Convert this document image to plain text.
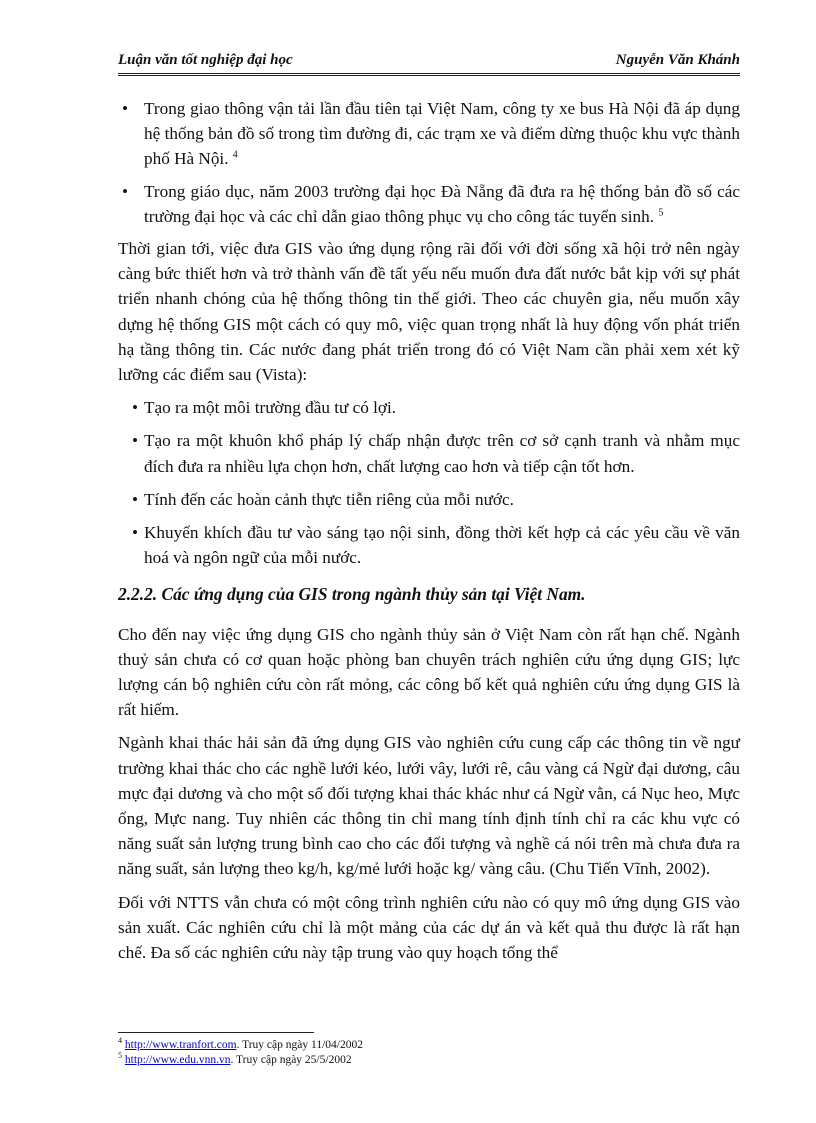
Luận văn tốt nghiệp đại học	Nguyễn Văn Khánh
• Trong giao thông vận tải lần đầu tiên tại Việt Nam, công ty xe bus Hà Nội đã áp dụng hệ thống bản đồ số trong tìm đường đi, các trạm xe và điểm dừng thuộc khu vực thành phố Hà Nội. $^4$
• Trong giáo dục, năm 2003 trường đại học Đà Nẵng đã đưa ra hệ thống bản đồ số các trường đại học và các chỉ dẫn giao thông phục vụ cho công tác tuyển sinh. $^5$

Thời gian tới, việc đưa GIS vào ứng dụng rộng rãi đối với đời sống xã hội trở nên ngày càng bức thiết hơn và trở thành vấn đề tất yếu nếu muốn đưa đất nước bắt kịp với sự phát triển nhanh chóng của hệ thống thông tin thế giới. Theo các chuyên gia, nếu muốn xây dựng hệ thống GIS một cách có quy mô, việc quan trọng nhất là huy động vốn phát triển hạ tầng thông tin. Các nước đang phát triển trong đó có Việt Nam cần phải xem xét kỹ lưỡng các điểm sau (Vista):

• Tạo ra một môi trường đầu tư có lợi.
• Tạo ra một khuôn khổ pháp lý chấp nhận được trên cơ sở cạnh tranh và nhằm mục đích đưa ra nhiều lựa chọn hơn, chất lượng cao hơn và tiếp cận tốt hơn.
• Tính đến các hoàn cảnh thực tiễn riêng của mỗi nước.
• Khuyến khích đầu tư vào sáng tạo nội sinh, đồng thời kết hợp cả các yêu cầu về văn hoá và ngôn ngữ của mỗi nước.
2.2.2. Các ứng dụng của GIS trong ngành thủy sản tại Việt Nam.

Cho đến nay việc ứng dụng GIS cho ngành thủy sản ở Việt Nam còn rất hạn chế. Ngành thuỷ sản chưa có cơ quan hoặc phòng ban chuyên trách nghiên cứu ứng dụng GIS; lực lượng cán bộ nghiên cứu còn rất mỏng, các công bố kết quả nghiên cứu ứng dụng GIS là rất hiếm.

Ngành khai thác hải sản đã ứng dụng GIS vào nghiên cứu cung cấp các thông tin về ngư trường khai thác cho các nghề lưới kéo, lưới vây, lưới rê, câu vàng cá Ngừ đại dương, câu mực đại dương và cho một số đối tượng khai thác khác như cá Ngừ vằn, cá Nục heo, Mực ống, Mực nang. Tuy nhiên các thông tin chỉ mang tính định tính chỉ ra các khu vực có năng suất sản lượng trung bình cao cho các đối tượng và nghề cá nói trên mà chưa đưa ra năng suất, sản lượng theo kg/h, kg/mẻ lưới hoặc kg/ vàng câu. (Chu Tiến Vĩnh, 2002).

Đối với NTTS vẫn chưa có một công trình nghiên cứu nào có quy mô ứng dụng GIS vào sản xuất. Các nghiên cứu chỉ là một mảng của các dự án và kết quả thu được là rất hạn chế. Đa số các nghiên cứu này tập trung vào quy hoạch tổng thể

$^4$ http://www.tranfort.com. Truy cập ngày 11/04/2002
$^5$ http://www.edu.vnn.vn. Truy cập ngày 25/5/2002
